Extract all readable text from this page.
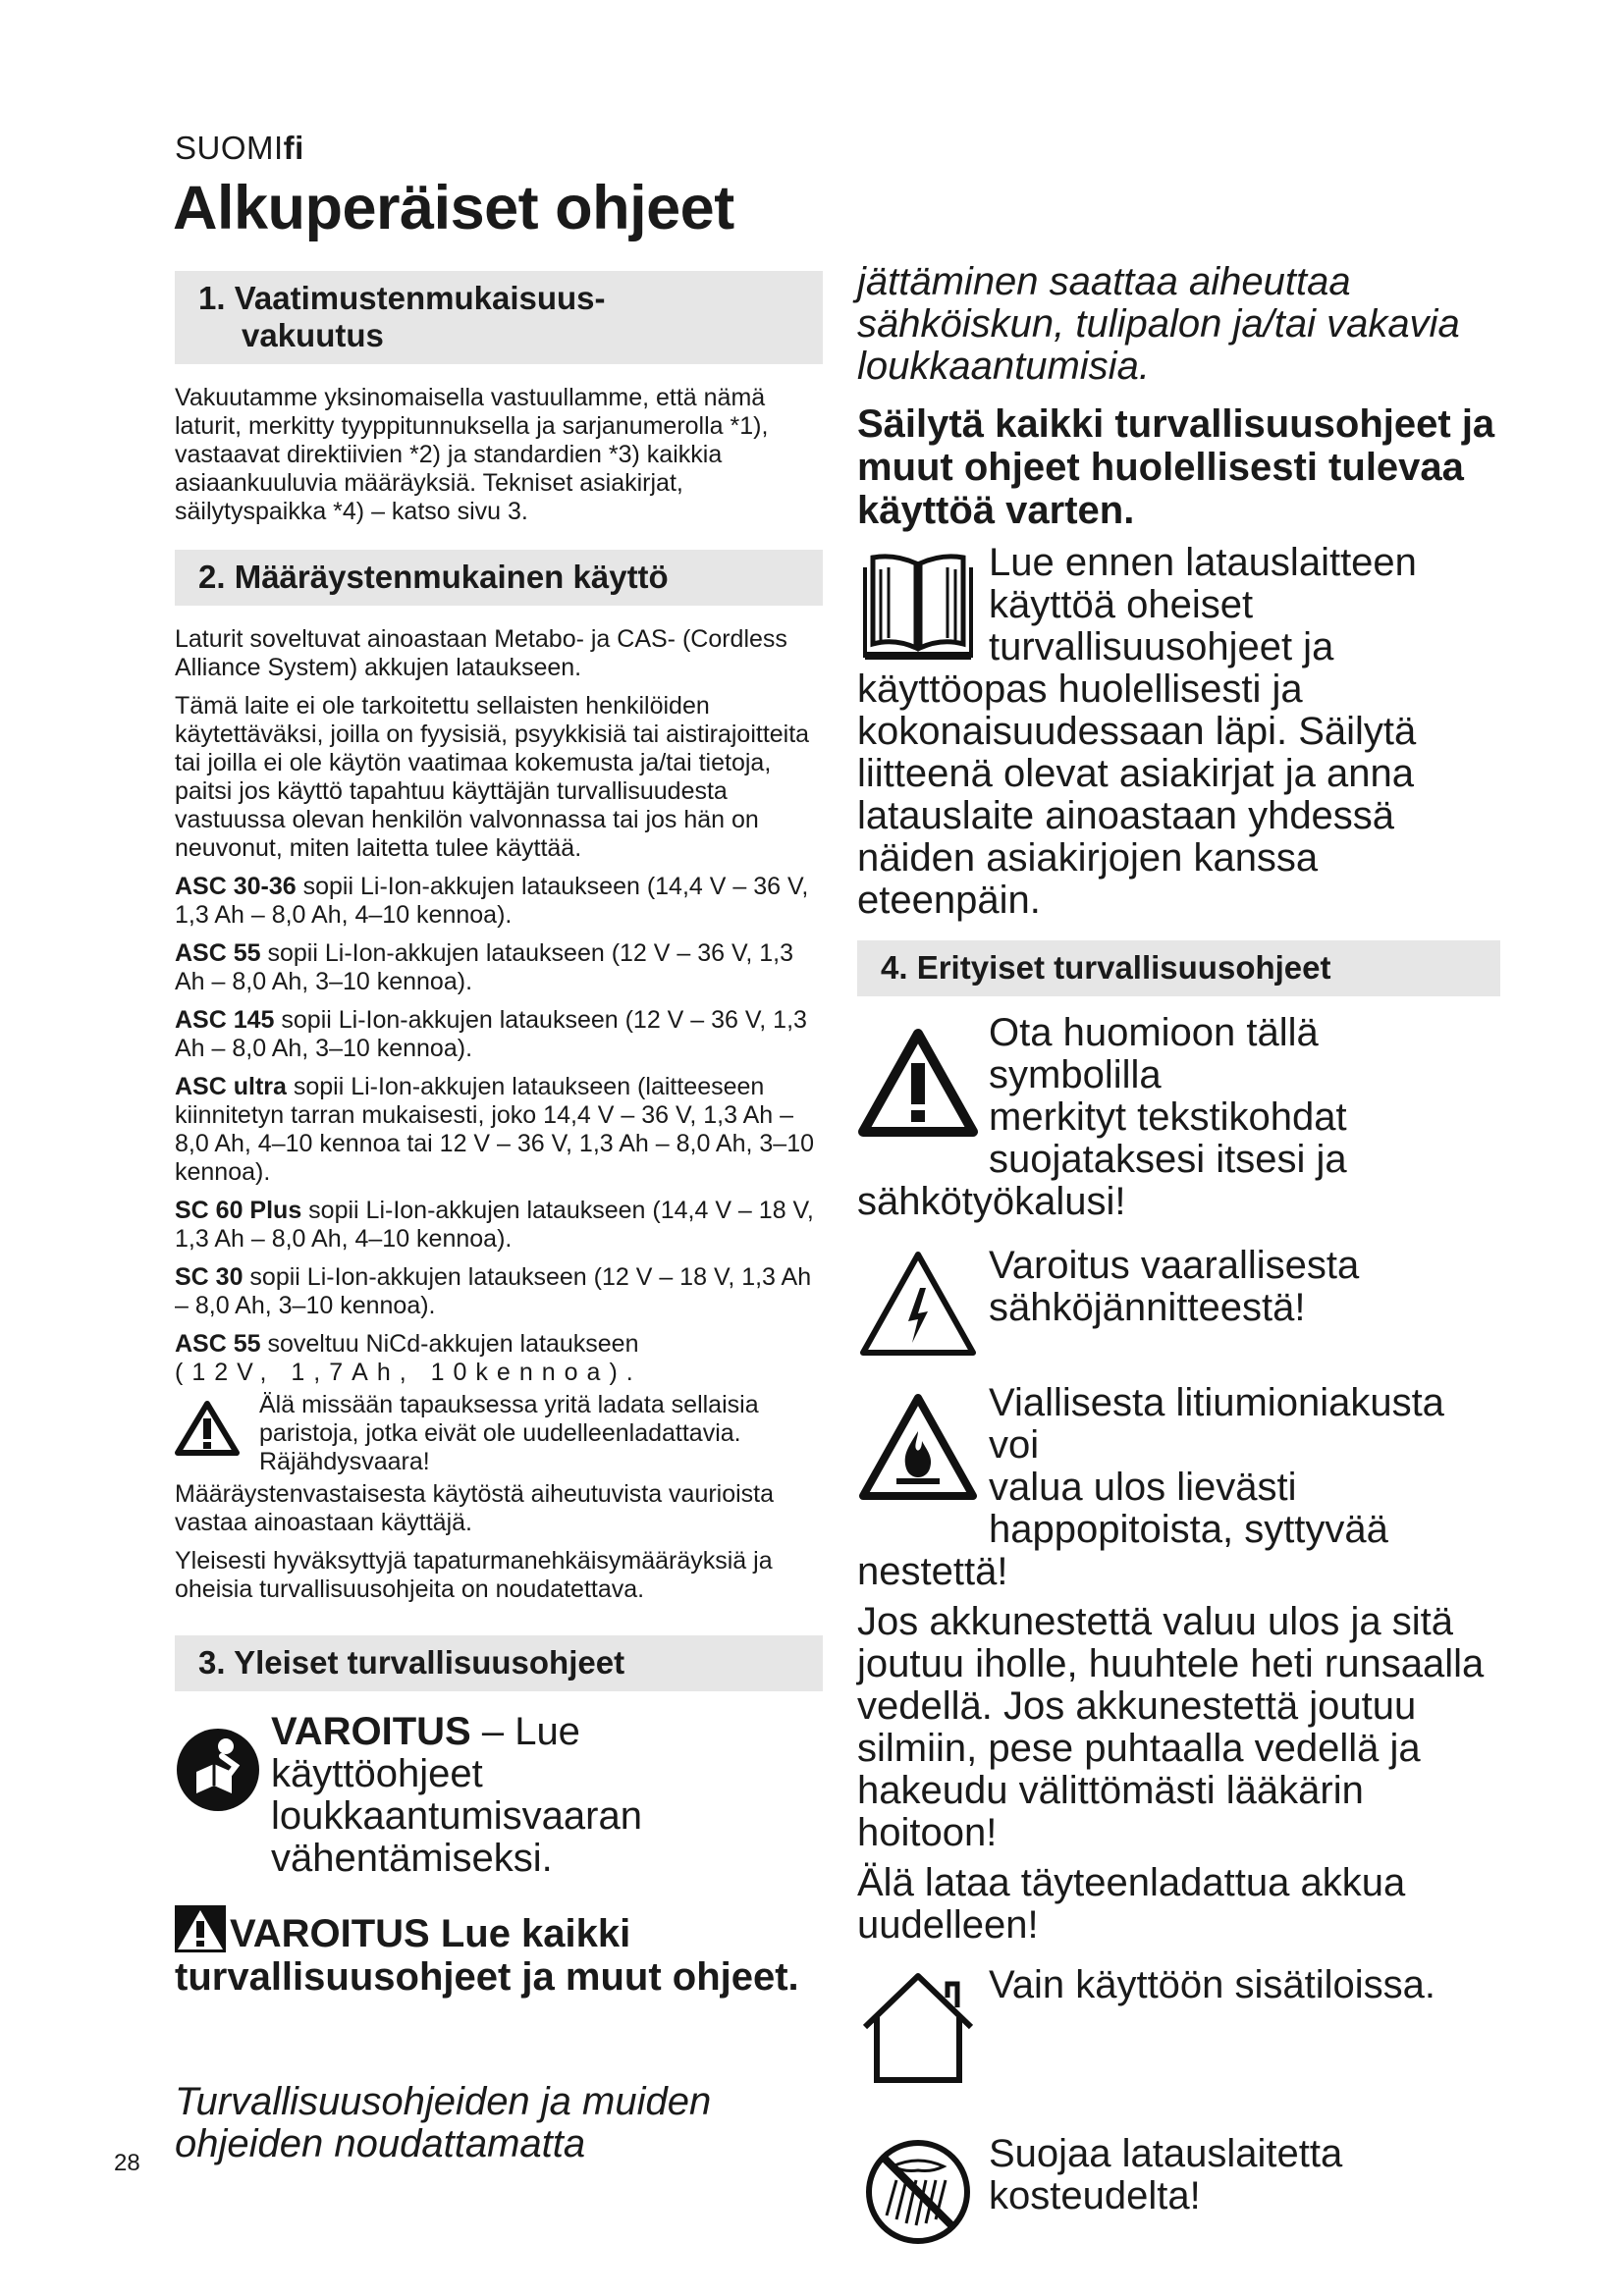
SUOMIfi
Alkuperäiset ohjeet
1. Vaatimustenmukaisuus-
vakuutus

Vakuutamme yksinomaisella vastuullamme, että nämä laturit, merkitty tyyppitunnuksella ja sarjanumerolla *1), vastaavat direktiivien *2) ja standardien *3) kaikkia asiaankuuluvia määräyksiä. Tekniset asiakirjat, säilytyspaikka *4) – katso sivu 3.

2. Määräystenmukainen käyttö

Laturit soveltuvat ainoastaan Metabo- ja CAS- (Cordless Alliance System) akkujen lataukseen.

Tämä laite ei ole tarkoitettu sellaisten henkilöiden käytettäväksi, joilla on fyysisiä, psyykkisiä tai aistirajoitteita tai joilla ei ole käytön vaatimaa kokemusta ja/tai tietoja, paitsi jos käyttö tapahtuu käyttäjän turvallisuudesta vastuussa olevan henkilön valvonnassa tai jos hän on neuvonut, miten laitetta tulee käyttää.

ASC 30-36 sopii Li-Ion-akkujen lataukseen (14,4 V – 36 V, 1,3 Ah – 8,0 Ah, 4–10 kennoa).

ASC 55 sopii Li-Ion-akkujen lataukseen (12 V – 36 V, 1,3 Ah – 8,0 Ah, 3–10 kennoa).

ASC 145 sopii Li-Ion-akkujen lataukseen (12 V – 36 V, 1,3 Ah – 8,0 Ah, 3–10 kennoa).

ASC ultra sopii Li-Ion-akkujen lataukseen (laitteeseen kiinnitetyn tarran mukaisesti, joko 14,4 V – 36 V, 1,3 Ah – 8,0 Ah, 4–10 kennoa tai 12 V – 36 V, 1,3 Ah – 8,0 Ah, 3–10 kennoa).

SC 60 Plus sopii Li-Ion-akkujen lataukseen (14,4 V – 18 V, 1,3 Ah – 8,0 Ah, 4–10 kennoa).

SC 30 sopii Li-Ion-akkujen lataukseen (12 V – 18 V, 1,3 Ah – 8,0 Ah, 3–10 kennoa).

ASC 55 soveltuu NiCd-akkujen lataukseen
(12V, 1,7Ah, 10kennoa).

Älä missään tapauksessa yritä ladata sellaisia paristoja, jotka eivät ole uudelleenladattavia. Räjähdysvaara!

Määräystenvastaisesta käytöstä aiheutuvista vaurioista vastaa ainoastaan käyttäjä.

Yleisesti hyväksyttyjä tapaturmanehkäisymääräyksiä ja oheisia turvallisuusohjeita on noudatettava.

3. Yleiset turvallisuusohjeet
VAROITUS – Lue
käyttöohjeet
loukkaantumisvaaran
vähentämiseksi.
VAROITUS Lue kaikki turvallisuusohjeet ja muut ohjeet.
Turvallisuusohjeiden ja muiden ohjeiden noudattamatta
jättäminen saattaa aiheuttaa sähköiskun, tulipalon ja/tai vakavia loukkaantumisia.

Säilytä kaikki turvallisuusohjeet ja muut ohjeet huolellisesti tulevaa käyttöä varten.

Lue ennen latauslaitteen
käyttöä oheiset
turvallisuusohjeet ja
käyttöopas huolellisesti ja
kokonaisuudessaan läpi. Säilytä
liitteenä olevat asiakirjat ja anna
latauslaite ainoastaan yhdessä
näiden asiakirjojen kanssa
eteenpäin.

4. Erityiset turvallisuusohjeet

Ota huomioon tällä symbolilla
merkityt tekstikohdat
suojataksesi itsesi ja
sähkötyökalusi!

Varoitus vaarallisesta sähköjännitteestä!

Viallisesta litiumioniakusta voi
valua ulos lievästi
happopitoista, syttyvää
nestettä!

Jos akkunestettä valuu ulos ja sitä joutuu iholle, huuhtele heti runsaalla vedellä. Jos akkunestettä joutuu silmiin, pese puhtaalla vedellä ja hakeudu välittömästi lääkärin hoitoon!

Älä lataa täyteenladattua akkua uudelleen!

Vain käyttöön sisätiloissa.

Suojaa latauslaitetta kosteudelta!

28
